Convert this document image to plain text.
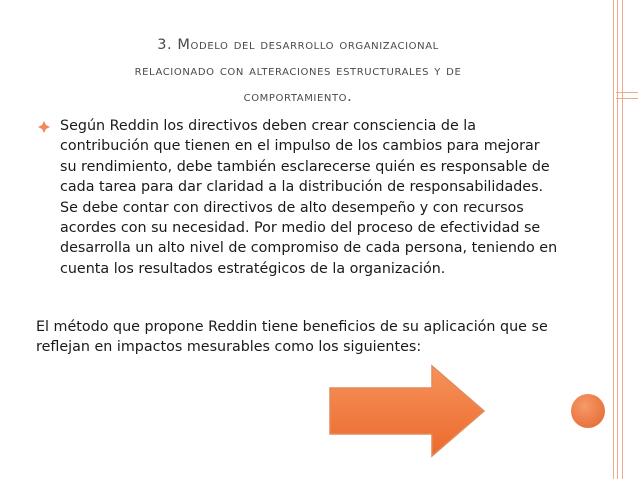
3. Modelo del desarrollo organizacional
relacionado con alteraciones estructurales y de
comportamiento.
Según Reddin los directivos deben crear consciencia de la contribución que tienen en el impulso de los cambios para mejorar su rendimiento, debe también esclarecerse quién es responsable de cada tarea para dar claridad a la distribución de responsabilidades. Se debe contar con directivos de alto desempeño y con recursos acordes con su necesidad. Por medio del proceso de efectividad se desarrolla un alto nivel de compromiso de cada persona, teniendo en cuenta los resultados estratégicos de la organización.
El método que propone Reddin tiene beneficios de su aplicación que se reflejan en impactos mesurables como los siguientes:
